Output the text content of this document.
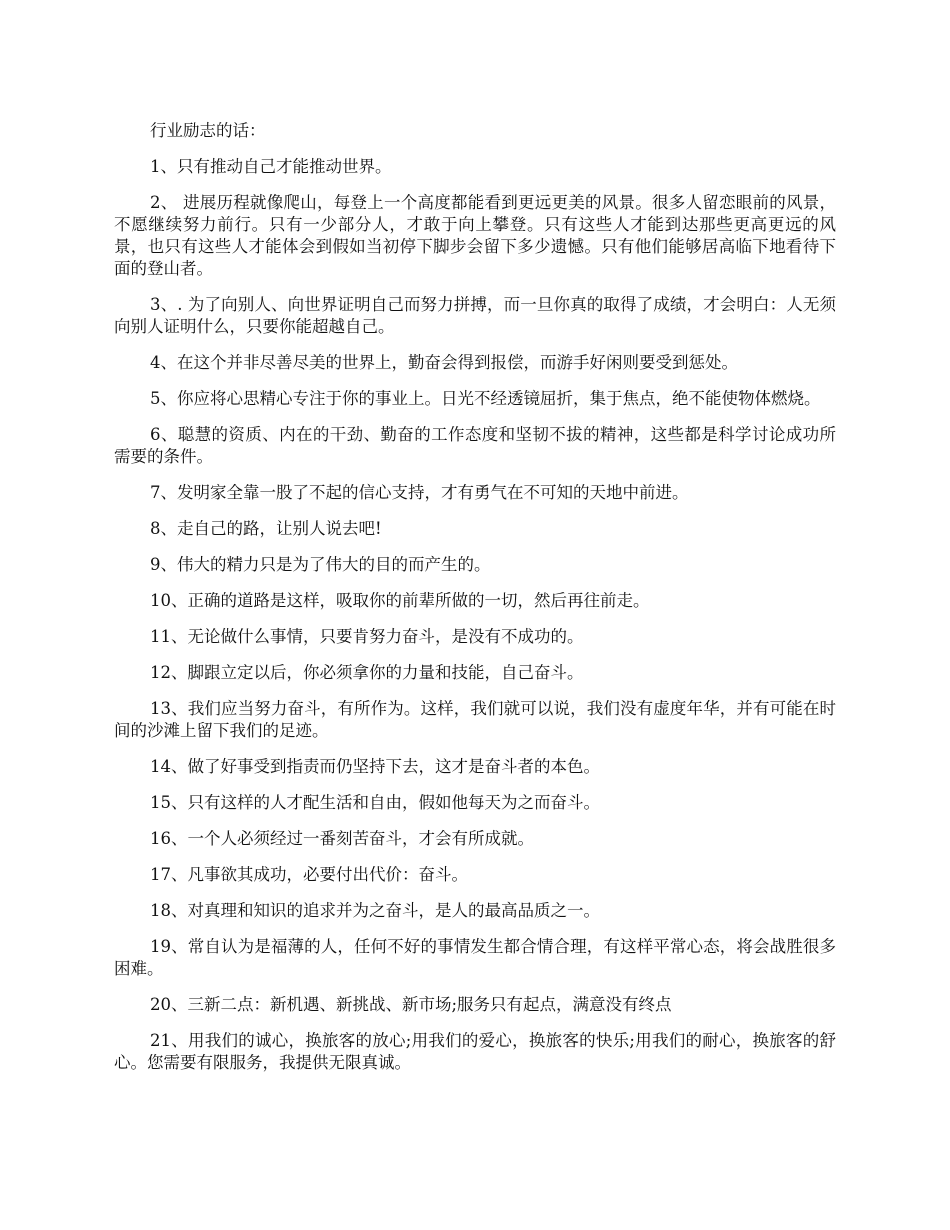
行业励志的话：

1、只有推动自己才能推动世界。

2、 进展历程就像爬山，每登上一个高度都能看到更远更美的风景。很多人留恋眼前的风景，不愿继续努力前行。只有一少部分人，才敢于向上攀登。只有这些人才能到达那些更高更远的风景，也只有这些人才能体会到假如当初停下脚步会留下多少遗憾。只有他们能够居高临下地看待下面的登山者。

3、. 为了向别人、向世界证明自己而努力拼搏，而一旦你真的取得了成绩，才会明白：人无须向别人证明什么，只要你能超越自己。

4、在这个并非尽善尽美的世界上，勤奋会得到报偿，而游手好闲则要受到惩处。

5、你应将心思精心专注于你的事业上。日光不经透镜屈折，集于焦点，绝不能使物体燃烧。

6、聪慧的资质、内在的干劲、勤奋的工作态度和坚韧不拔的精神，这些都是科学讨论成功所需要的条件。

7、发明家全靠一股了不起的信心支持，才有勇气在不可知的天地中前进。

8、走自己的路，让别人说去吧!

9、伟大的精力只是为了伟大的目的而产生的。

10、正确的道路是这样，吸取你的前辈所做的一切，然后再往前走。

11、无论做什么事情，只要肯努力奋斗，是没有不成功的。

12、脚跟立定以后，你必须拿你的力量和技能，自己奋斗。

13、我们应当努力奋斗，有所作为。这样，我们就可以说，我们没有虚度年华，并有可能在时间的沙滩上留下我们的足迹。

14、做了好事受到指责而仍坚持下去，这才是奋斗者的本色。

15、只有这样的人才配生活和自由，假如他每天为之而奋斗。

16、一个人必须经过一番刻苦奋斗，才会有所成就。

17、凡事欲其成功，必要付出代价：奋斗。

18、对真理和知识的追求并为之奋斗，是人的最高品质之一。

19、常自认为是福薄的人，任何不好的事情发生都合情合理，有这样平常心态，将会战胜很多困难。

20、三新二点：新机遇、新挑战、新市场;服务只有起点，满意没有终点

21、用我们的诚心，换旅客的放心;用我们的爱心，换旅客的快乐;用我们的耐心，换旅客的舒心。您需要有限服务，我提供无限真诚。
